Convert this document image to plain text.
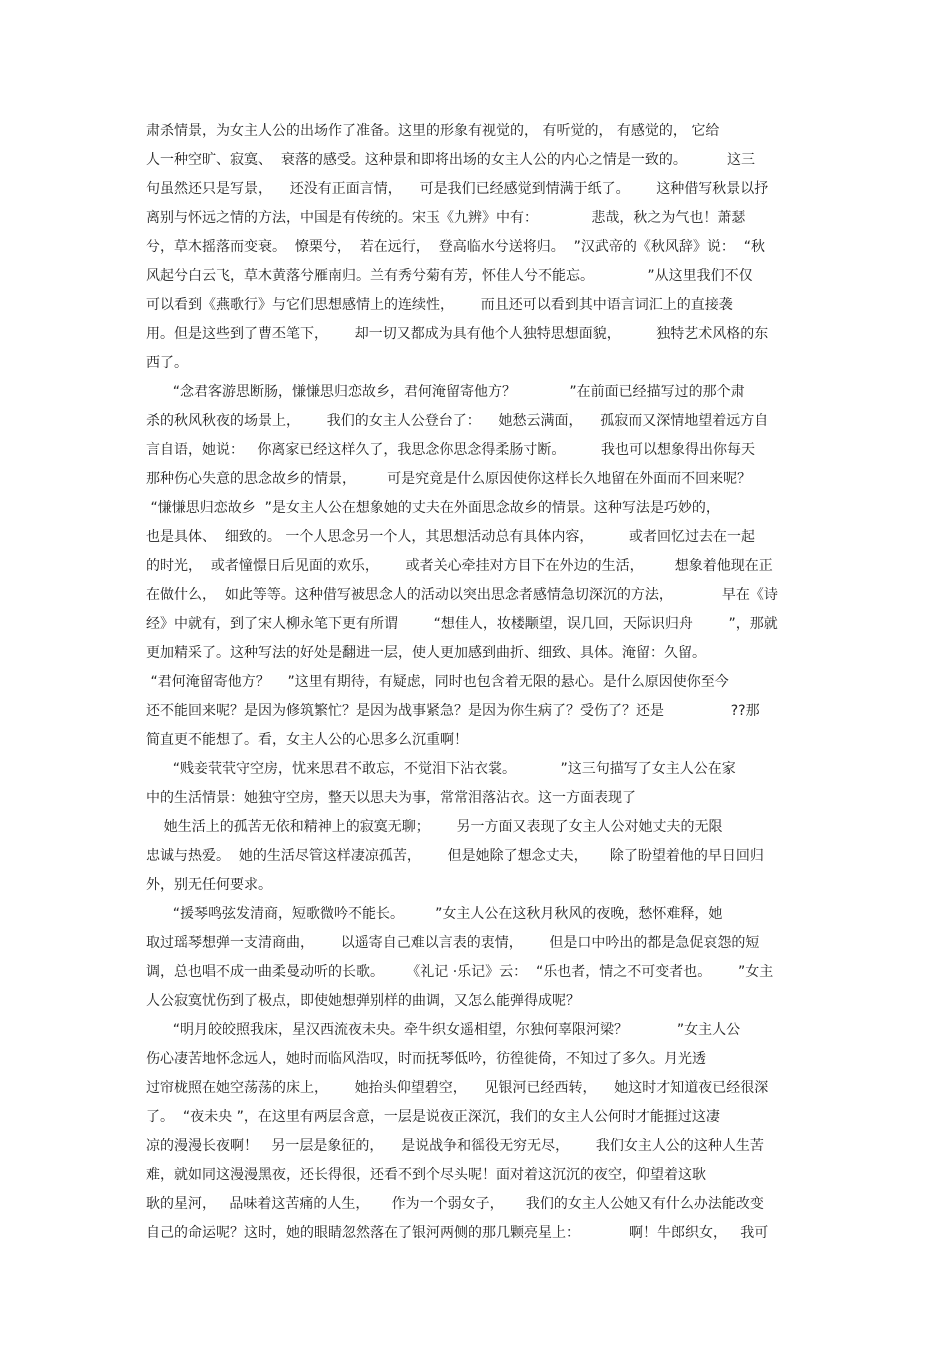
肃杀情景，为女主人公的出场作了准备。这里的形象有视觉的， 有听觉的， 有感觉的， 它给
人一种空旷、寂寞、  衰落的感受。这种景和即将出场的女主人公的内心之情是一致的。         这三
句虽然还只是写景，    还没有正面言情，    可是我们已经感觉到情满于纸了。      这种借写秋景以抒
离别与怀远之情的方法，中国是有传统的。宋玉《九辨》中有：            悲哉，秋之为气也！萧瑟
兮，草木摇落而变衰。  憭栗兮，  若在远行，  登高临水兮送将归。  ”汉武帝的《秋风辞》说：  “秋
风起兮白云飞，草木黄落兮雁南归。兰有秀兮菊有芳，怀佳人兮不能忘。            ”从这里我们不仅
可以看到《燕歌行》与它们思想感情上的连续性，      而且还可以看到其中语言词汇上的直接袭
用。但是这些到了曹丕笔下，      却一切又都成为具有他个人独特思想面貌，        独特艺术风格的东
西了。
“念君客游思断肠，慊慊思归恋故乡，君何淹留寄他方？            ”在前面已经描写过的那个肃
杀的秋风秋夜的场景上，      我们的女主人公登台了：    她愁云满面，    孤寂而又深情地望着远方自
言自语，她说：   你离家已经这样久了，我思念你思念得柔肠寸断。        我也可以想象得出你每天
那种伤心失意的思念故乡的情景，       可是究竟是什么原因使你这样长久地留在外面而不回来呢？
“慊慊思归恋故乡  ”是女主人公在想象她的丈夫在外面思念故乡的情景。这种写法是巧妙的，
也是具体、  细致的。 一个人思念另一个人，其思想活动总有具体内容，        或者回忆过去在一起
的时光，  或者憧憬日后见面的欢乐，      或者关心牵挂对方目下在外边的生活，       想象着他现在正
在做什么，  如此等等。这种借写被思念人的活动以突出思念者感情急切深沉的方法，           早在《诗
经》中就有，到了宋人柳永笔下更有所谓        “想佳人，妆楼颙望，误几回，天际识归舟        ”，那就
更加精采了。这种写法的好处是翻进一层，使人更加感到曲折、细致、具体。淹留：久留。
“君何淹留寄他方？    ”这里有期待，有疑虑，同时也包含着无限的悬心。是什么原因使你至今
还不能回来呢？是因为修筑繁忙？是因为战事紧急？是因为你生病了？受伤了？还是               ??那
简直更不能想了。看，女主人公的心思多么沉重啊！
“贱妾茕茕守空房，忧来思君不敢忘，不觉泪下沾衣裳。          ”这三句描写了女主人公在家
中的生活情景：她独守空房，整天以思夫为事，常常泪落沾衣。这一方面表现了
她生活上的孤苦无依和精神上的寂寞无聊；      另一方面又表现了女主人公对她丈夫的无限
忠诚与热爱。  她的生活尽管这样凄凉孤苦，      但是她除了想念丈夫，     除了盼望着他的早日回归
外，别无任何要求。
“援琴鸣弦发清商，短歌微吟不能长。       ”女主人公在这秋月秋风的夜晚，愁怀难释，她
取过瑶琴想弹一支清商曲，      以遥寄自己难以言表的衷情，      但是口中吟出的都是急促哀怨的短
调，总也唱不成一曲柔曼动听的长歌。     《礼记 ·乐记》云：  “乐也者，情之不可变者也。      ”女主
人公寂寞忧伤到了极点，即使她想弹别样的曲调，又怎么能弹得成呢？
“明月皎皎照我床，星汉西流夜未央。牵牛织女遥相望，尔独何辜限河梁？           ”女主人公
伤心凄苦地怀念远人，她时而临风浩叹，时而抚琴低吟，彷徨徙倚，不知过了多久。月光透
过帘栊照在她空荡荡的床上，      她抬头仰望碧空，    见银河已经西转，    她这时才知道夜已经很深
了。  “夜未央 ”，在这里有两层含意，一层是说夜正深沉，我们的女主人公何时才能捱过这凄
凉的漫漫长夜啊！   另一层是象征的，    是说战争和徭役无穷无尽，      我们女主人公的这种人生苦
难，就如同这漫漫黑夜，还长得很，还看不到个尽头呢！面对着这沉沉的夜空，仰望着这耿
耿的星河，   品味着这苦痛的人生，     作为一个弱女子，     我们的女主人公她又有什么办法能改变
自己的命运呢？这时，她的眼睛忽然落在了银河两侧的那几颗亮星上：           啊！牛郎织女，   我可
